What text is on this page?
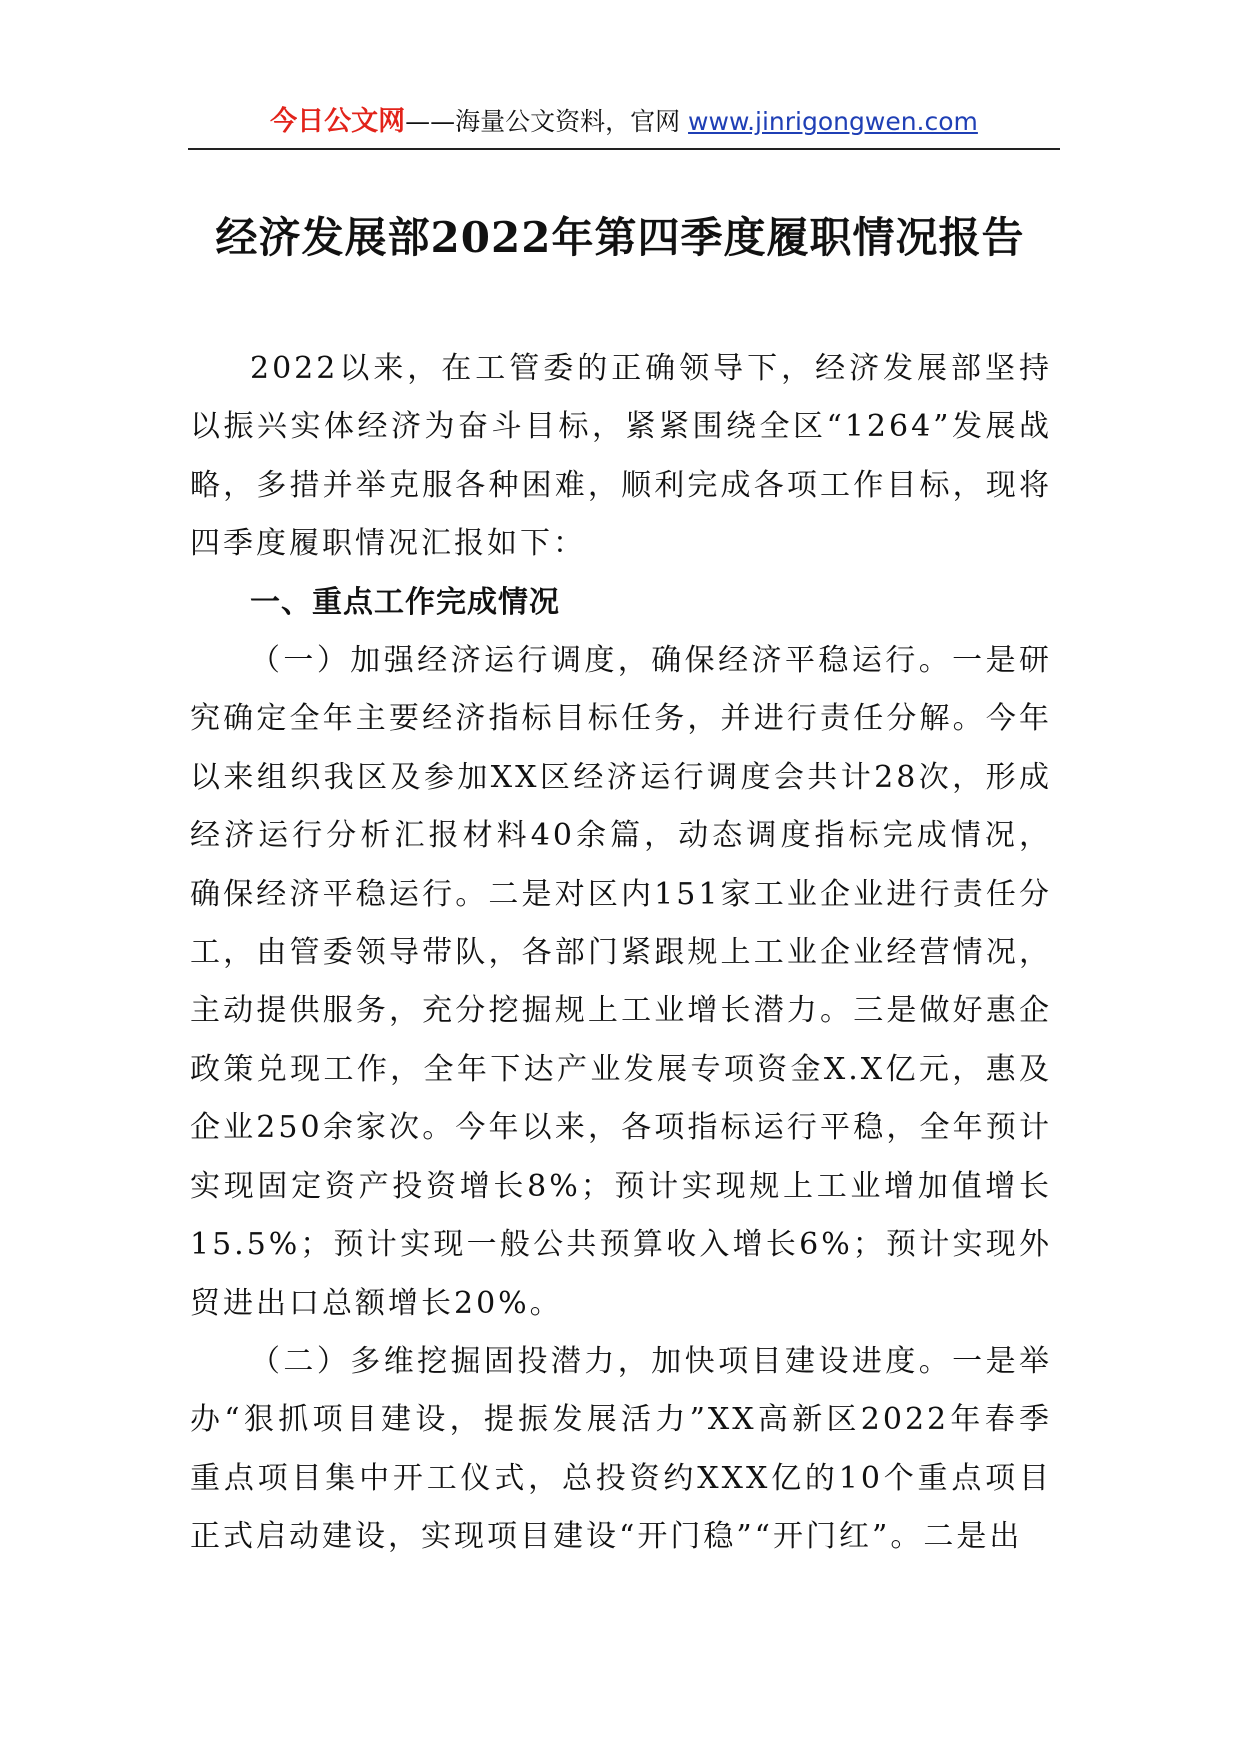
今日公文网——海量公文资料，官网 www.jinrigongwen.com
经济发展部2022年第四季度履职情况报告

2022以来，在工管委的正确领导下，经济发展部坚持以振兴实体经济为奋斗目标，紧紧围绕全区“1264”发展战略，多措并举克服各种困难，顺利完成各项工作目标，现将四季度履职情况汇报如下：

一、重点工作完成情况

（一）加强经济运行调度，确保经济平稳运行。一是研究确定全年主要经济指标目标任务，并进行责任分解。今年以来组织我区及参加XX区经济运行调度会共计28次，形成经济运行分析汇报材料40余篇，动态调度指标完成情况，确保经济平稳运行。二是对区内151家工业企业进行责任分工，由管委领导带队，各部门紧跟规上工业企业经营情况，主动提供服务，充分挖掘规上工业增长潜力。三是做好惠企政策兑现工作，全年下达产业发展专项资金X.X亿元，惠及企业250余家次。今年以来，各项指标运行平稳，全年预计实现固定资产投资增长8%；预计实现规上工业增加值增长15.5%；预计实现一般公共预算收入增长6%；预计实现外贸进出口总额增长20%。

（二）多维挖掘固投潜力，加快项目建设进度。一是举办“狠抓项目建设，提振发展活力”XX高新区2022年春季重点项目集中开工仪式，总投资约XXX亿的10个重点项目正式启动建设，实现项目建设“开门稳”“开门红”。二是出
